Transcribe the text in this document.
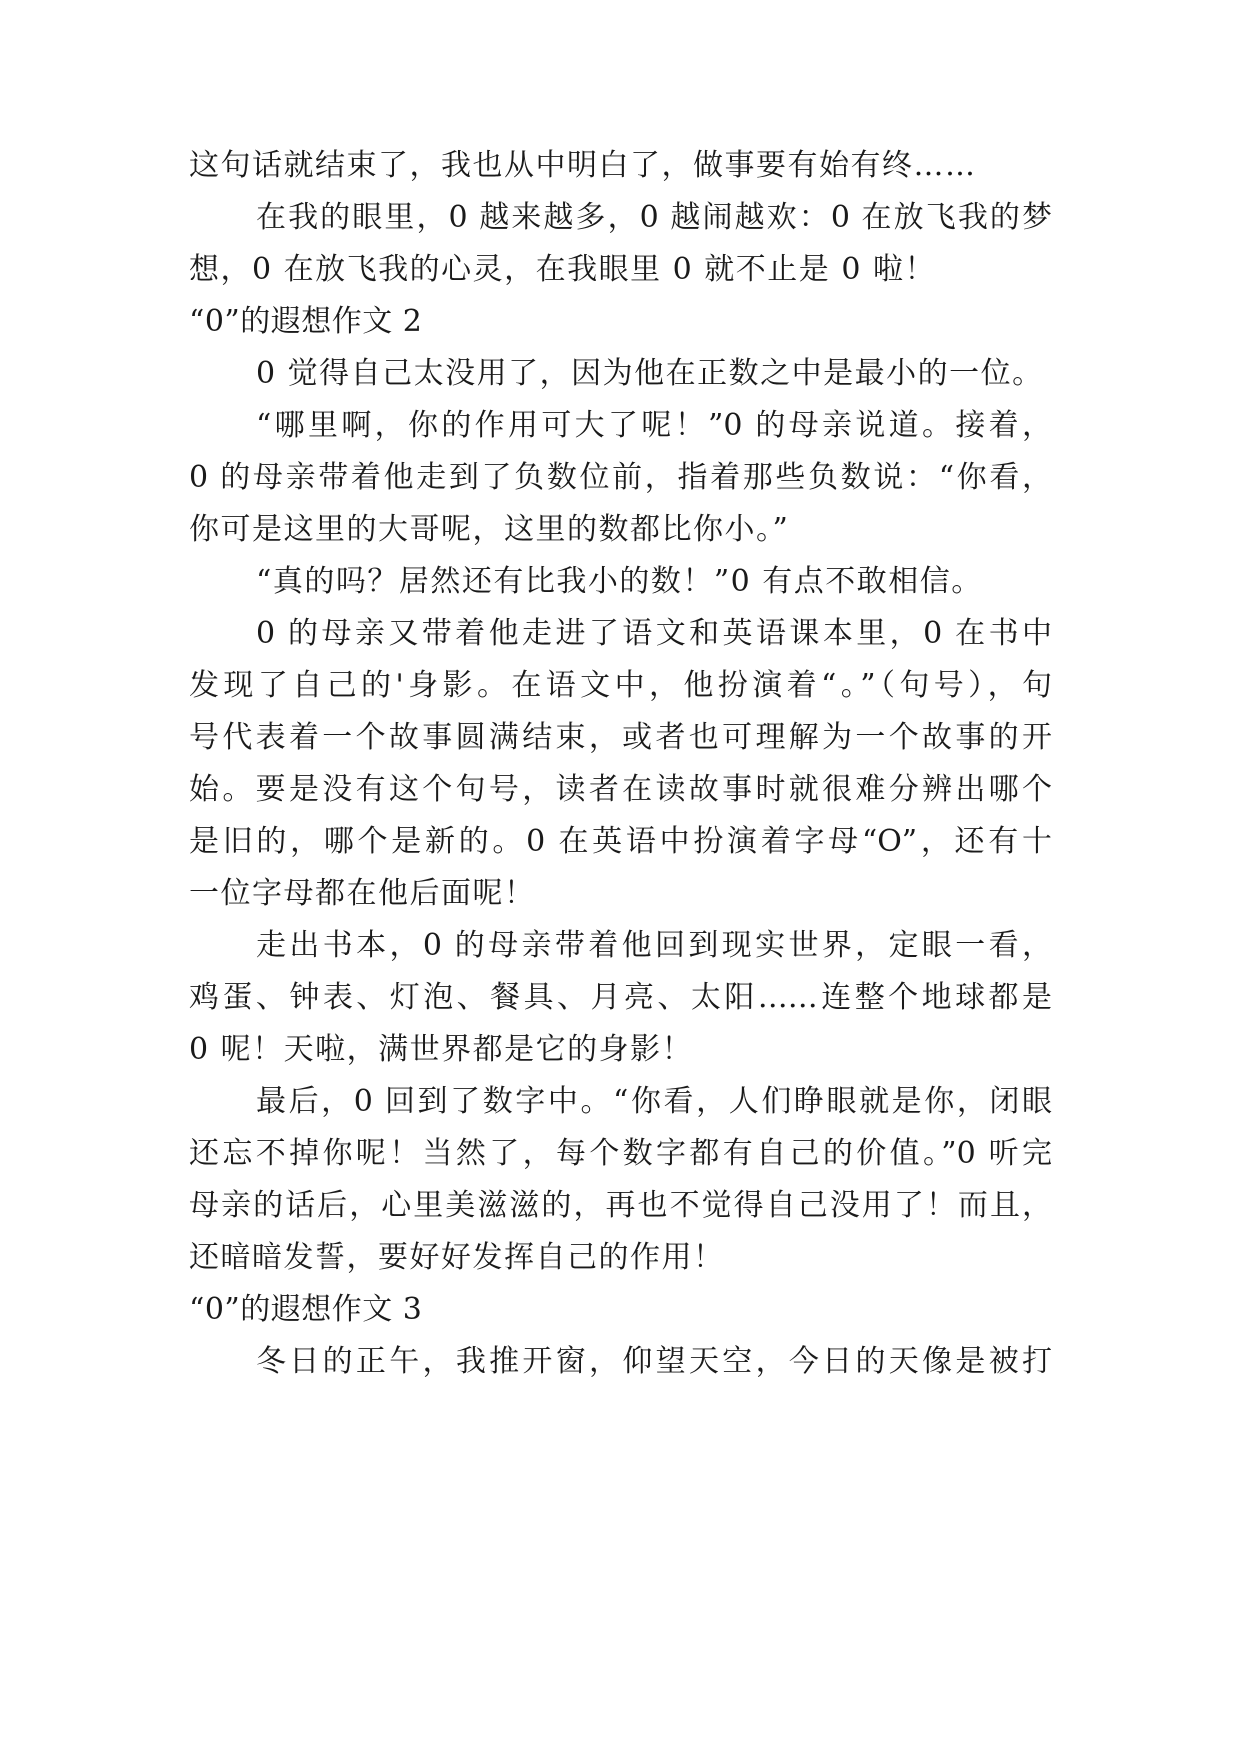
这句话就结束了，我也从中明白了，做事要有始有终……
在我的眼里，0 越来越多，0 越闹越欢：0 在放飞我的梦
想，0 在放飞我的心灵，在我眼里 0 就不止是 0 啦！
“0”的遐想作文 2
0 觉得自己太没用了，因为他在正数之中是最小的一位。
“哪里啊，你的作用可大了呢！”0 的母亲说道。接着，
0 的母亲带着他走到了负数位前，指着那些负数说：“你看，
你可是这里的大哥呢，这里的数都比你小。”
“真的吗？居然还有比我小的数！”0 有点不敢相信。
0 的母亲又带着他走进了语文和英语课本里，0 在书中
发现了自己的'身影。在语文中，他扮演着“。”（句号），句
号代表着一个故事圆满结束，或者也可理解为一个故事的开
始。要是没有这个句号，读者在读故事时就很难分辨出哪个
是旧的，哪个是新的。0 在英语中扮演着字母“O”，还有十
一位字母都在他后面呢！
走出书本，0 的母亲带着他回到现实世界，定眼一看，
鸡蛋、钟表、灯泡、餐具、月亮、太阳……连整个地球都是
0 呢！天啦，满世界都是它的身影！
最后，0 回到了数字中。“你看，人们睁眼就是你，闭眼
还忘不掉你呢！当然了，每个数字都有自己的价值。”0 听完
母亲的话后，心里美滋滋的，再也不觉得自己没用了！而且，
还暗暗发誓，要好好发挥自己的作用！
“0”的遐想作文 3
冬日的正午，我推开窗，仰望天空，今日的天像是被打
